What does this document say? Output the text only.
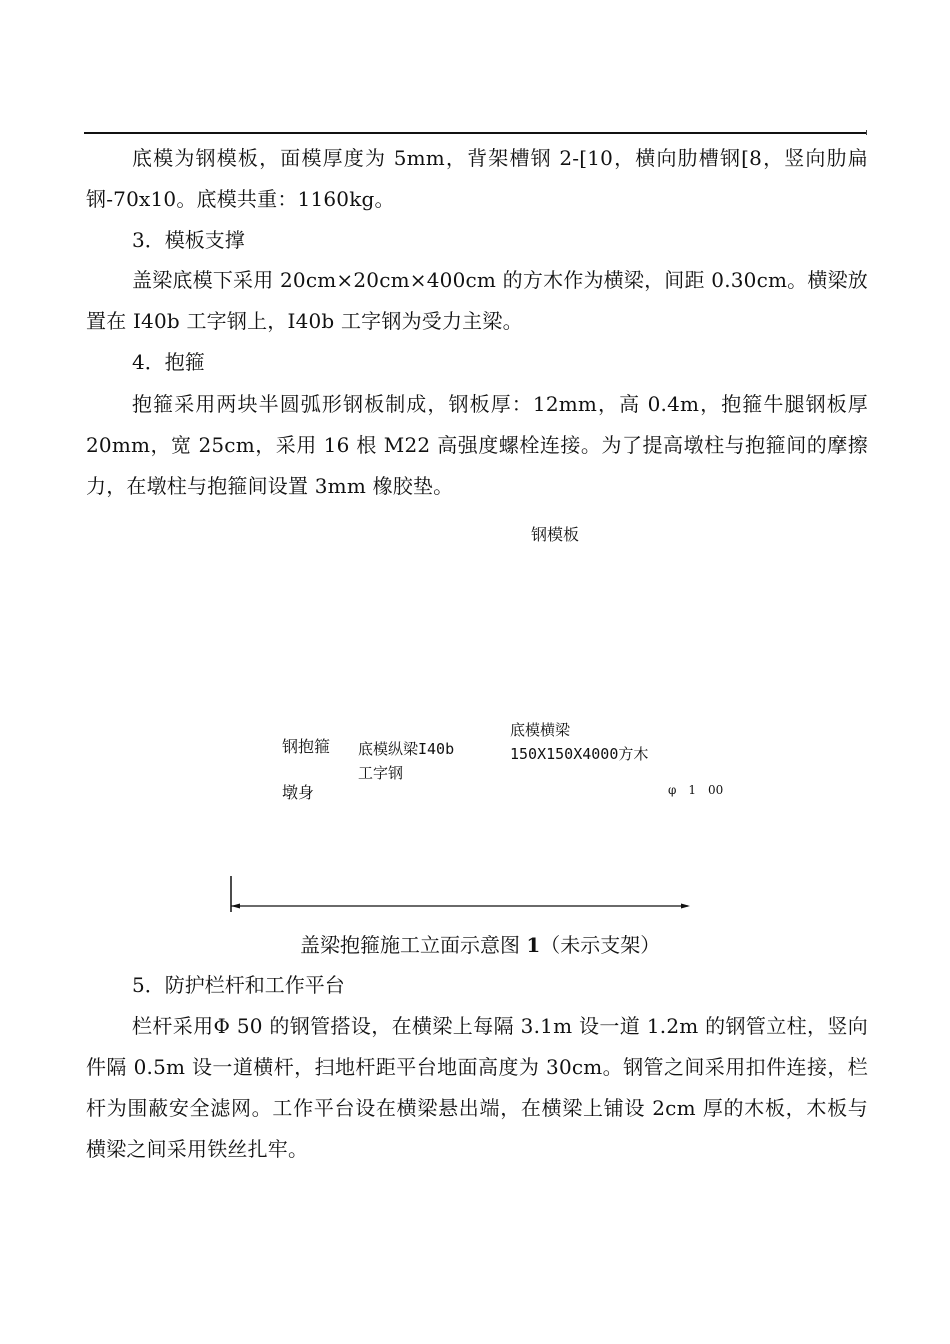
底模为钢模板，面模厚度为 5mm，背架槽钢 2-[10，横向肋槽钢[8，竖向肋扁钢-70x10。底模共重：1160kg。

3．模板支撑

盖梁底模下采用 20cm×20cm×400cm 的方木作为横梁，间距 0.30cm。横梁放置在 I40b 工字钢上，I40b 工字钢为受力主梁。

4．抱箍

抱箍采用两块半圆弧形钢板制成，钢板厚：12mm，高 0.4m，抱箍牛腿钢板厚 20mm，宽 25cm，采用 16 根 M22 高强度螺栓连接。为了提高墩柱与抱箍间的摩擦力，在墩柱与抱箍间设置 3mm 橡胶垫。

钢模板
钢抱箍
墩身
底模纵梁I40b
工字钢
底模横梁
150X150X4000方木
φ　1　00
盖梁抱箍施工立面示意图 1（未示支架）

5．防护栏杆和工作平台

栏杆采用Φ 50 的钢管搭设，在横梁上每隔 3.1m 设一道 1.2m 的钢管立柱，竖向件隔 0.5m 设一道横杆，扫地杆距平台地面高度为 30cm。钢管之间采用扣件连接，栏杆为围蔽安全滤网。工作平台设在横梁悬出端，在横梁上铺设 2cm 厚的木板，木板与横梁之间采用铁丝扎牢。
